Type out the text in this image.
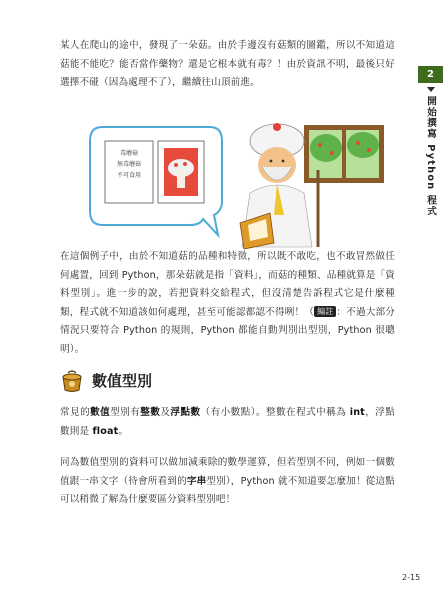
某人在爬山的途中，發現了一朵菇。由於手邊沒有菇類的圖鑑，所以不知道這菇能不能吃？能否當作藥物？還是它根本就有毒？！由於資訊不明，最後只好選擇不碰（因為處理不了），繼續往山頂前進。

毒蘑菇
無毒蘑菇
不可食用

在這個例子中，由於不知道菇的品種和特徵，所以既不敢吃，也不敢冒然做任何處置，回到 Python，那朵菇就是指「資料」，而菇的種類、品種就算是「資料型別」。進一步的說，若把資料交給程式，但沒清楚告訴程式它是什麼種類，程式就不知道該如何處理，甚至可能認都認不得咧！（ 編註 ：不過大部分情況只要符合 Python 的規則，Python 都能自動判別出型別，Python 很聰明）。

數值型別

常見的數值型別有整數及浮點數（有小數點）。整數在程式中稱為 int，浮點數則是 float。

同為數值型別的資料可以做加減乘除的數學運算，但若型別不同，例如一個數值跟一串文字（待會所看到的字串型別），Python 就不知道要怎麼加！從這點可以稍微了解為什麼要區分資料型別吧！

2
開始撰寫 Python 程式
2-15
